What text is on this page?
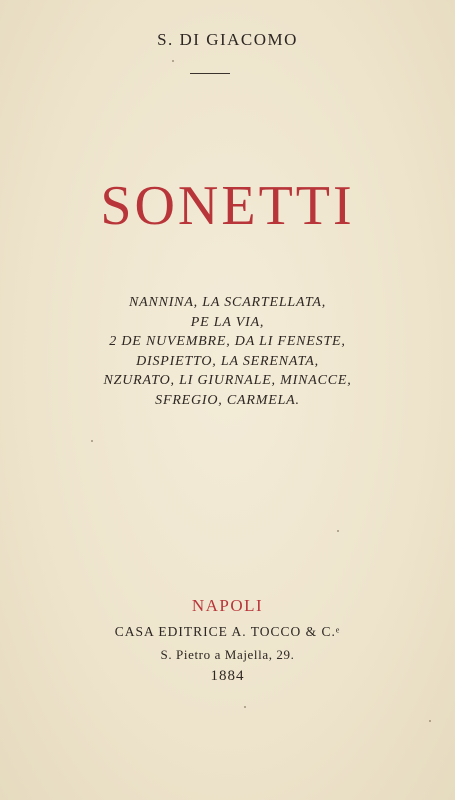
S. DI GIACOMO
SONETTI
NANNINA, LA SCARTELLATA,
PE LA VIA,
2 DE NUVEMBRE, DA LI FENESTE,
DISPIETTO, LA SERENATA,
NZURATO, LI GIURNALE, MINACCE,
SFREGIO, CARMELA.
NAPOLI
CASA EDITRICE A. TOCCO & C.ᵉ
S. Pietro a Majella, 29.
1884
